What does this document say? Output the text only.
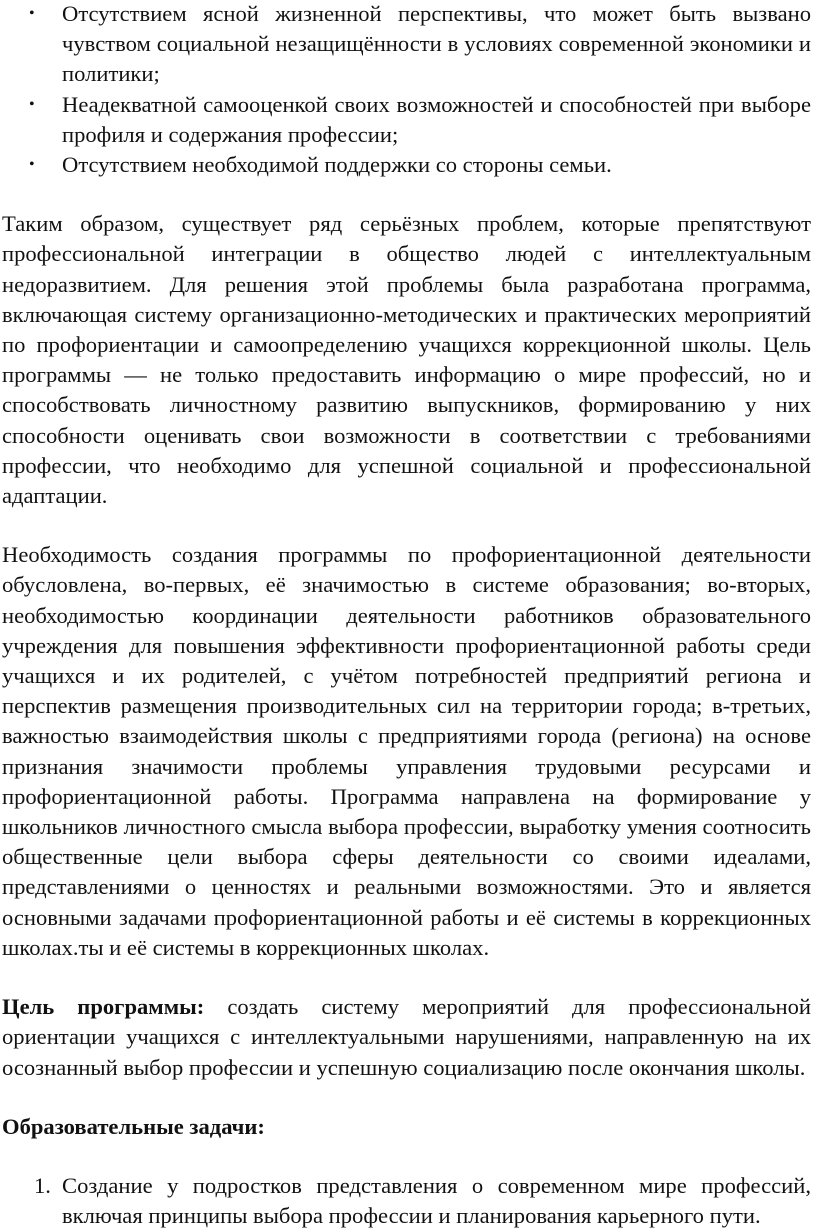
• Отсутствием ясной жизненной перспективы, что может быть вызвано чувством социальной незащищённости в условиях современной экономики и политики;
• Неадекватной самооценкой своих возможностей и способностей при выборе профиля и содержания профессии;
• Отсутствием необходимой поддержки со стороны семьи.

Таким образом, существует ряд серьёзных проблем, которые препятствуют профессиональной интеграции в общество людей с интеллектуальным недоразвитием. Для решения этой проблемы была разработана программа, включающая систему организационно-методических и практических мероприятий по профориентации и самоопределению учащихся коррекционной школы. Цель программы — не только предоставить информацию о мире профессий, но и способствовать личностному развитию выпускников, формированию у них способности оценивать свои возможности в соответствии с требованиями профессии, что необходимо для успешной социальной и профессиональной адаптации.

Необходимость создания программы по профориентационной деятельности обусловлена, во-первых, её значимостью в системе образования; во-вторых, необходимостью координации деятельности работников образовательного учреждения для повышения эффективности профориентационной работы среди учащихся и их родителей, с учётом потребностей предприятий региона и перспектив размещения производительных сил на территории города; в-третьих, важностью взаимодействия школы с предприятиями города (региона) на основе признания значимости проблемы управления трудовыми ресурсами и профориентационной работы. Программа направлена на формирование у школьников личностного смысла выбора профессии, выработку умения соотносить общественные цели выбора сферы деятельности со своими идеалами, представлениями о ценностях и реальными возможностями. Это и является основными задачами профориентационной работы и её системы в коррекционных школах.ты и её системы в коррекционных школах.

Цель программы: создать систему мероприятий для профессиональной ориентации учащихся с интеллектуальными нарушениями, направленную на их осознанный выбор профессии и успешную социализацию после окончания школы.

Образовательные задачи:

1. Создание у подростков представления о современном мире профессий, включая принципы выбора профессии и планирования карьерного пути.
